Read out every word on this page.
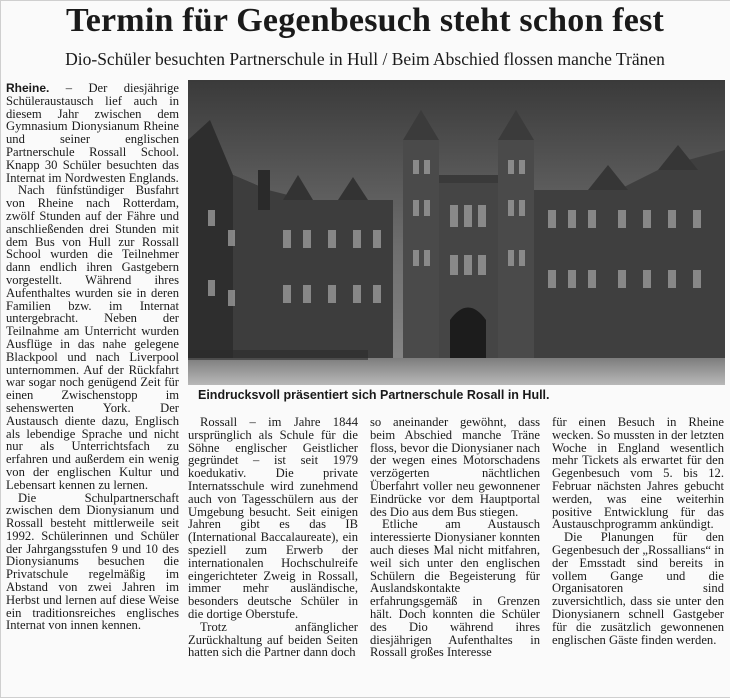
Termin für Gegenbesuch steht schon fest
Dio-Schüler besuchten Partnerschule in Hull / Beim Abschied flossen manche Tränen

Rheine. – Der diesjährige Schüleraustausch lief auch in diesem Jahr zwischen dem Gymnasium Dionysianum Rheine und seiner englischen Partnerschule Rossall School. Knapp 30 Schüler besuchten das Internat im Nordwesten Englands.

Nach fünfstündiger Busfahrt von Rheine nach Rotterdam, zwölf Stunden auf der Fähre und anschließenden drei Stunden mit dem Bus von Hull zur Rossall School wurden die Teilnehmer dann endlich ihren Gastgebern vorgestellt. Während ihres Aufenthaltes wurden sie in deren Familien bzw. im Internat untergebracht. Neben der Teilnahme am Unterricht wurden Ausflüge in das nahe gelegene Blackpool und nach Liverpool unternommen. Auf der Rückfahrt war sogar noch genügend Zeit für einen Zwischenstopp im sehenswerten York. Der Austausch diente dazu, Englisch als lebendige Sprache und nicht nur als Unterrichtsfach zu erfahren und außerdem ein wenig von der englischen Kultur und Lebensart kennen zu lernen.

Die Schulpartnerschaft zwischen dem Dionysianum und Rossall besteht mittlerweile seit 1992. Schülerinnen und Schüler der Jahrgangsstufen 9 und 10 des Dionysianums besuchen die Privatschule regelmäßig im Abstand von zwei Jahren im Herbst und lernen auf diese Weise ein traditionsreiches englisches Internat von innen kennen.

Eindrucksvoll präsentiert sich Partnerschule Rosall in Hull.

Rossall – im Jahre 1844 ursprünglich als Schule für die Söhne englischer Geistlicher gegründet – ist seit 1979 koedukativ. Die private Internatsschule wird zunehmend auch von Tagesschülern aus der Umgebung besucht. Seit einigen Jahren gibt es das IB (International Baccalaureate), ein speziell zum Erwerb der internationalen Hochschulreife eingerichteter Zweig in Rossall, immer mehr ausländische, besonders deutsche Schüler in die dortige Oberstufe.

Trotz anfänglicher Zurückhaltung auf beiden Seiten hatten sich die Partner dann doch

so aneinander gewöhnt, dass beim Abschied manche Träne floss, bevor die Dionysianer nach der wegen eines Motorschadens verzögerten nächtlichen Überfahrt voller neu gewonnener Eindrücke vor dem Hauptportal des Dio aus dem Bus stiegen.

Etliche am Austausch interessierte Dionysianer konnten auch dieses Mal nicht mitfahren, weil sich unter den englischen Schülern die Begeisterung für Auslandskontakte erfahrungsgemäß in Grenzen hält. Doch konnten die Schüler des Dio während ihres diesjährigen Aufenthaltes in Rossall großes Interesse

für einen Besuch in Rheine wecken. So mussten in der letzten Woche in England wesentlich mehr Tickets als erwartet für den Gegenbesuch vom 5. bis 12. Februar nächsten Jahres gebucht werden, was eine weiterhin positive Entwicklung für das Austauschprogramm ankündigt.

Die Planungen für den Gegenbesuch der „Rossallians“ in der Emsstadt sind bereits in vollem Gange und die Organisatoren sind zuversichtlich, dass sie unter den Dionysianern schnell Gastgeber für die zusätzlich gewonnenen englischen Gäste finden werden.
